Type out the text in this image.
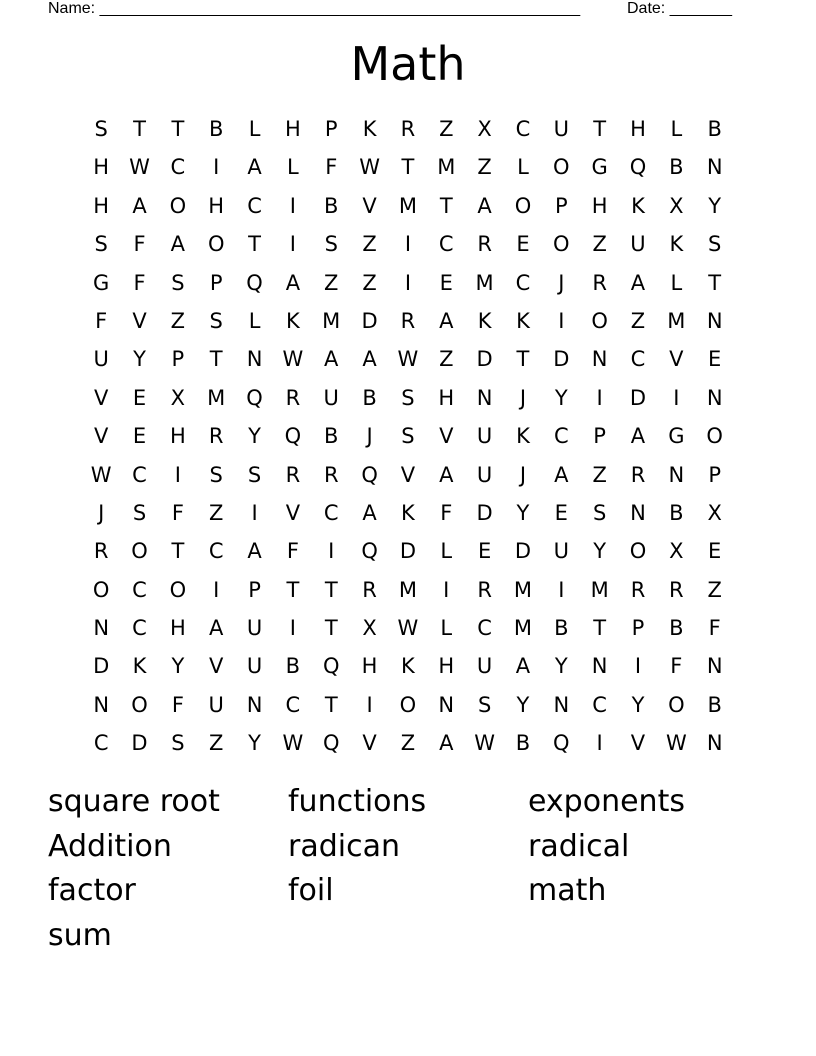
Name: ______________________________________________________	Date: _______
Math
S	T	T	B	L	H	P	K	R	Z	X	C	U	T	H	L	B
H W C	I	A	L	F	W	T	M	Z	L	O	G	Q	B	N
H	A	O	H	C	I	B	V	M	T	A	O	P	H	K	X	Y
S	F	A	O	T	I	S	Z	I	C	R	E	O	Z	U	K	S
G	F	S	P	Q	A	Z	Z	I	E	M	C	J	R	A	L	T
F	V	Z	S	L	K	M	D	R	A	K	K	I	O	Z	M	N
U	Y	P	T	N W A	A W Z	D	T	D	N	C	V	E
V	E	X	M	Q	R	U	B	S	H	N	J	Y	I	D	I	N
V	E	H	R	Y	Q	B	J	S	V	U	K	C	P	A	G	O
W C	I	S	S	R	R	Q	V	A	U	J	A	Z	R	N	P
J	S	F	Z	I	V	C	A	K	F	D	Y	E	S	N	B	X
R	O	T	C	A	F	I	Q	D	L	E	D	U	Y	O	X	E
O	C	O	I	P	T	T	R	M	I	R	M	I	M	R	R	Z
N	C	H	A	U	I	T	X W	L	C	M	B	T	P	B	F
D	K	Y	V	U	B	Q	H	K	H	U	A	Y	N	I	F	N
N	O	F	U	N	C	T	I	O	N	S	Y	N	C	Y	O	B
C	D	S	Z	Y	W Q	V	Z	A W B	Q	I	V W N
square root	functions	exponents
Addition	radican	radical
factor	foil	math
sum
